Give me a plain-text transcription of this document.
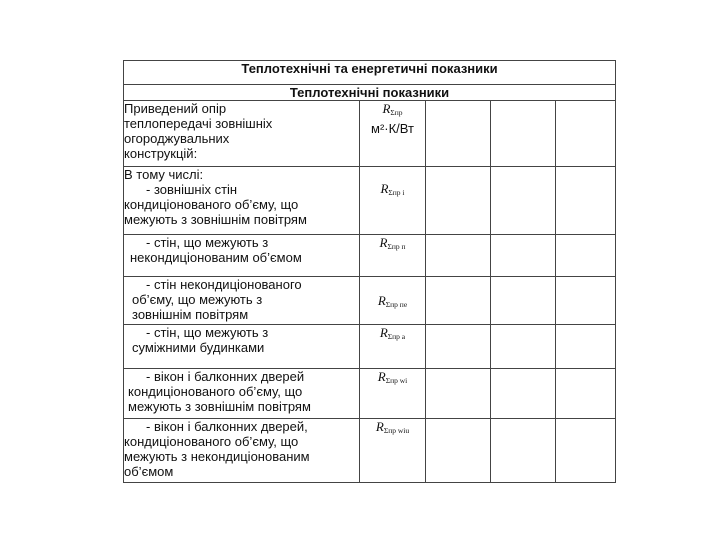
Теплотехнічні та енергетичні показники				
Теплотехнічні показники				

Приведений опір
теплопередачі зовнішніх
огороджувальних
конструкцій:	$R_{\Sigma пр}$
м²·К/Вт			

В тому числі:
- зовнішніх стін
кондиціонованого об’єму, що
межують з зовнішнім повітрям	$R_{\Sigma пр і}$			

- стін, що межують з
некондиціонованим об’ємом	$R_{\Sigma пр п}$			

- стін некондиціонованого
об’єму, що межують з
зовнішнім повітрям	$R_{\Sigma пр пе}$			

- стін, що межують з
суміжними будинками	$R_{\Sigma пр а}$			

- вікон і балконних дверей
кондиціонованого об’єму, що
межують з зовнішнім повітрям	$R_{\Sigma пр wi}$			

- вікон і балконних дверей,
кондиціонованого об’єму, що
межують з некондиціонованим
об’ємом	$R_{\Sigma пр wiu}$			
